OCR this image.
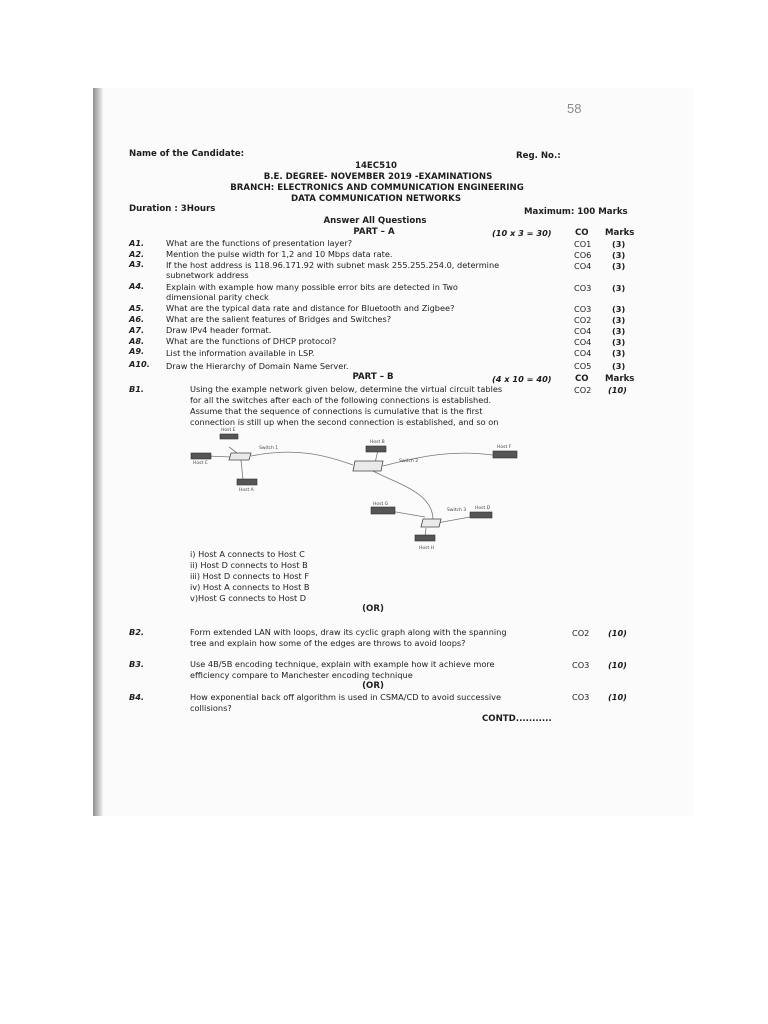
58
Name of the Candidate:	Reg. No.:
14EC510
B.E. DEGREE- NOVEMBER 2019 -EXAMINATIONS
BRANCH: ELECTRONICS AND COMMUNICATION ENGINEERING
DATA COMMUNICATION NETWORKS
Duration : 3Hours	Maximum: 100 Marks
Answer All Questions
PART – A	(10 x 3 = 30)	CO Marks
A1.	What are the functions of presentation layer?	CO1	(3)
A2.	Mention the pulse width for 1,2 and 10 Mbps data rate.	CO6	(3)
A3.	If the host address is 118.96.171.92 with subnet mask 255.255.254.0, determine
subnetwork address
CO4	(3)
A4.	Explain with example how many possible error bits are detected in Two
dimensional parity check
CO3	(3)
A5.	What are the typical data rate and distance for Bluetooth and Zigbee?	CO3	(3)
A6.	What are the salient features of Bridges and Switches?	CO2	(3)
A7.	Draw IPv4 header format.	CO4	(3)
A8.	What are the functions of DHCP protocol?	CO4	(3)
A9.	List the information available in LSP.	CO4	(3)
A10. Draw the Hierarchy of Domain Name Server.	CO5	(3)
PART – B	(4 x 10 = 40)	CO Marks
B1.	Using the example network given below, determine the virtual circuit tables
for all the switches after each of the following connections is established.
Assume that the sequence of connections is cumulative that is the first
connection is still up when the second connection is established, and so on
CO2 (10)
Host E
Host C
Host A
Switch 1
Host B
Switch 2
Host F
Host G
Switch 3 Host D
Host H
i) Host A connects to Host C
ii) Host D connects to Host B
iii) Host D connects to Host F
iv) Host A connects to Host B
v)Host G connects to Host D
(OR)
B2.	Form extended LAN with loops, draw its cyclic graph along with the spanning
tree and explain how some of the edges are throws to avoid loops?
CO2 (10)
B3.	Use 4B/5B encoding technique, explain with example how it achieve more
efficiency compare to Manchester encoding technique
CO3 (10)
(OR)
B4.	How exponential back off algorithm is used in CSMA/CD to avoid successive
collisions?
CO3 (10)
CONTD...........
